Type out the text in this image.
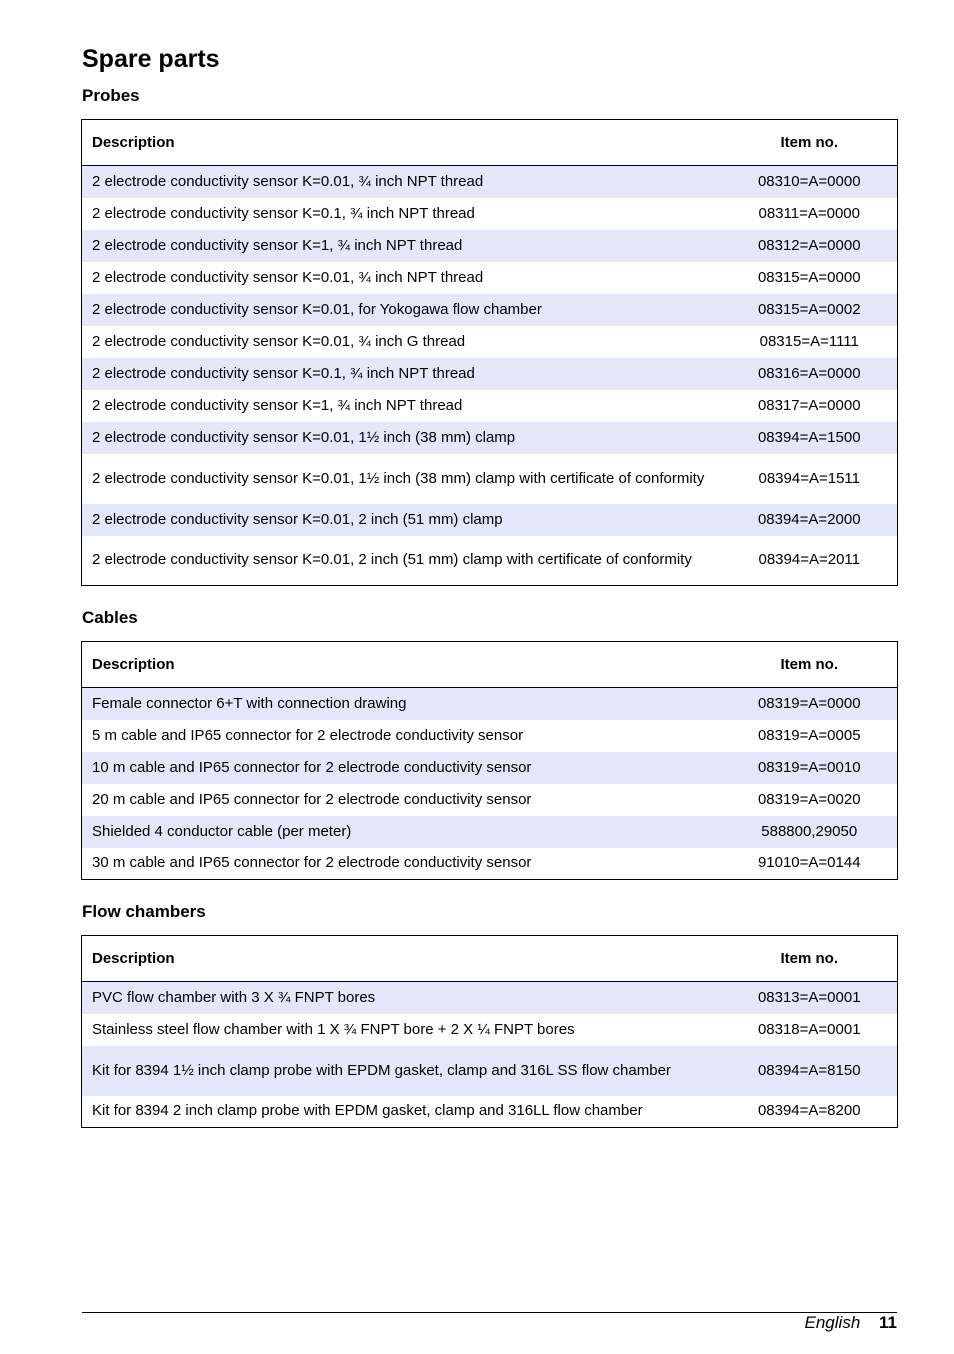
Spare parts
Probes
Description	Item no.
2 electrode conductivity sensor K=0.01, ¾ inch NPT thread	08310=A=0000
2 electrode conductivity sensor K=0.1, ¾ inch NPT thread	08311=A=0000
2 electrode conductivity sensor K=1, ¾ inch NPT thread	08312=A=0000
2 electrode conductivity sensor K=0.01, ¾ inch NPT thread	08315=A=0000
2 electrode conductivity sensor K=0.01, for Yokogawa flow chamber	08315=A=0002
2 electrode conductivity sensor K=0.01, ¾ inch G thread	08315=A=1111
2 electrode conductivity sensor K=0.1, ¾ inch NPT thread	08316=A=0000
2 electrode conductivity sensor K=1, ¾ inch NPT thread	08317=A=0000
2 electrode conductivity sensor K=0.01, 1½ inch (38 mm) clamp	08394=A=1500
2 electrode conductivity sensor K=0.01, 1½ inch (38 mm) clamp with certificate of conformity	08394=A=1511
2 electrode conductivity sensor K=0.01, 2 inch (51 mm) clamp	08394=A=2000
2 electrode conductivity sensor K=0.01, 2 inch (51 mm) clamp with certificate of conformity	08394=A=2011
Cables
Description	Item no.
Female connector 6+T with connection drawing	08319=A=0000
5 m cable and IP65 connector for 2 electrode conductivity sensor	08319=A=0005
10 m cable and IP65 connector for 2 electrode conductivity sensor	08319=A=0010
20 m cable and IP65 connector for 2 electrode conductivity sensor	08319=A=0020
Shielded 4 conductor cable (per meter)	588800,29050
30 m cable and IP65 connector for 2 electrode conductivity sensor	91010=A=0144
Flow chambers
Description	Item no.
PVC flow chamber with 3 X ¾ FNPT bores	08313=A=0001
Stainless steel flow chamber with 1 X ¾ FNPT bore + 2 X ¼ FNPT bores	08318=A=0001
Kit for 8394 1½ inch clamp probe with EPDM gasket, clamp and 316L SS flow chamber	08394=A=8150
Kit for 8394 2 inch clamp probe with EPDM gasket, clamp and 316LL flow chamber	08394=A=8200
English 11
